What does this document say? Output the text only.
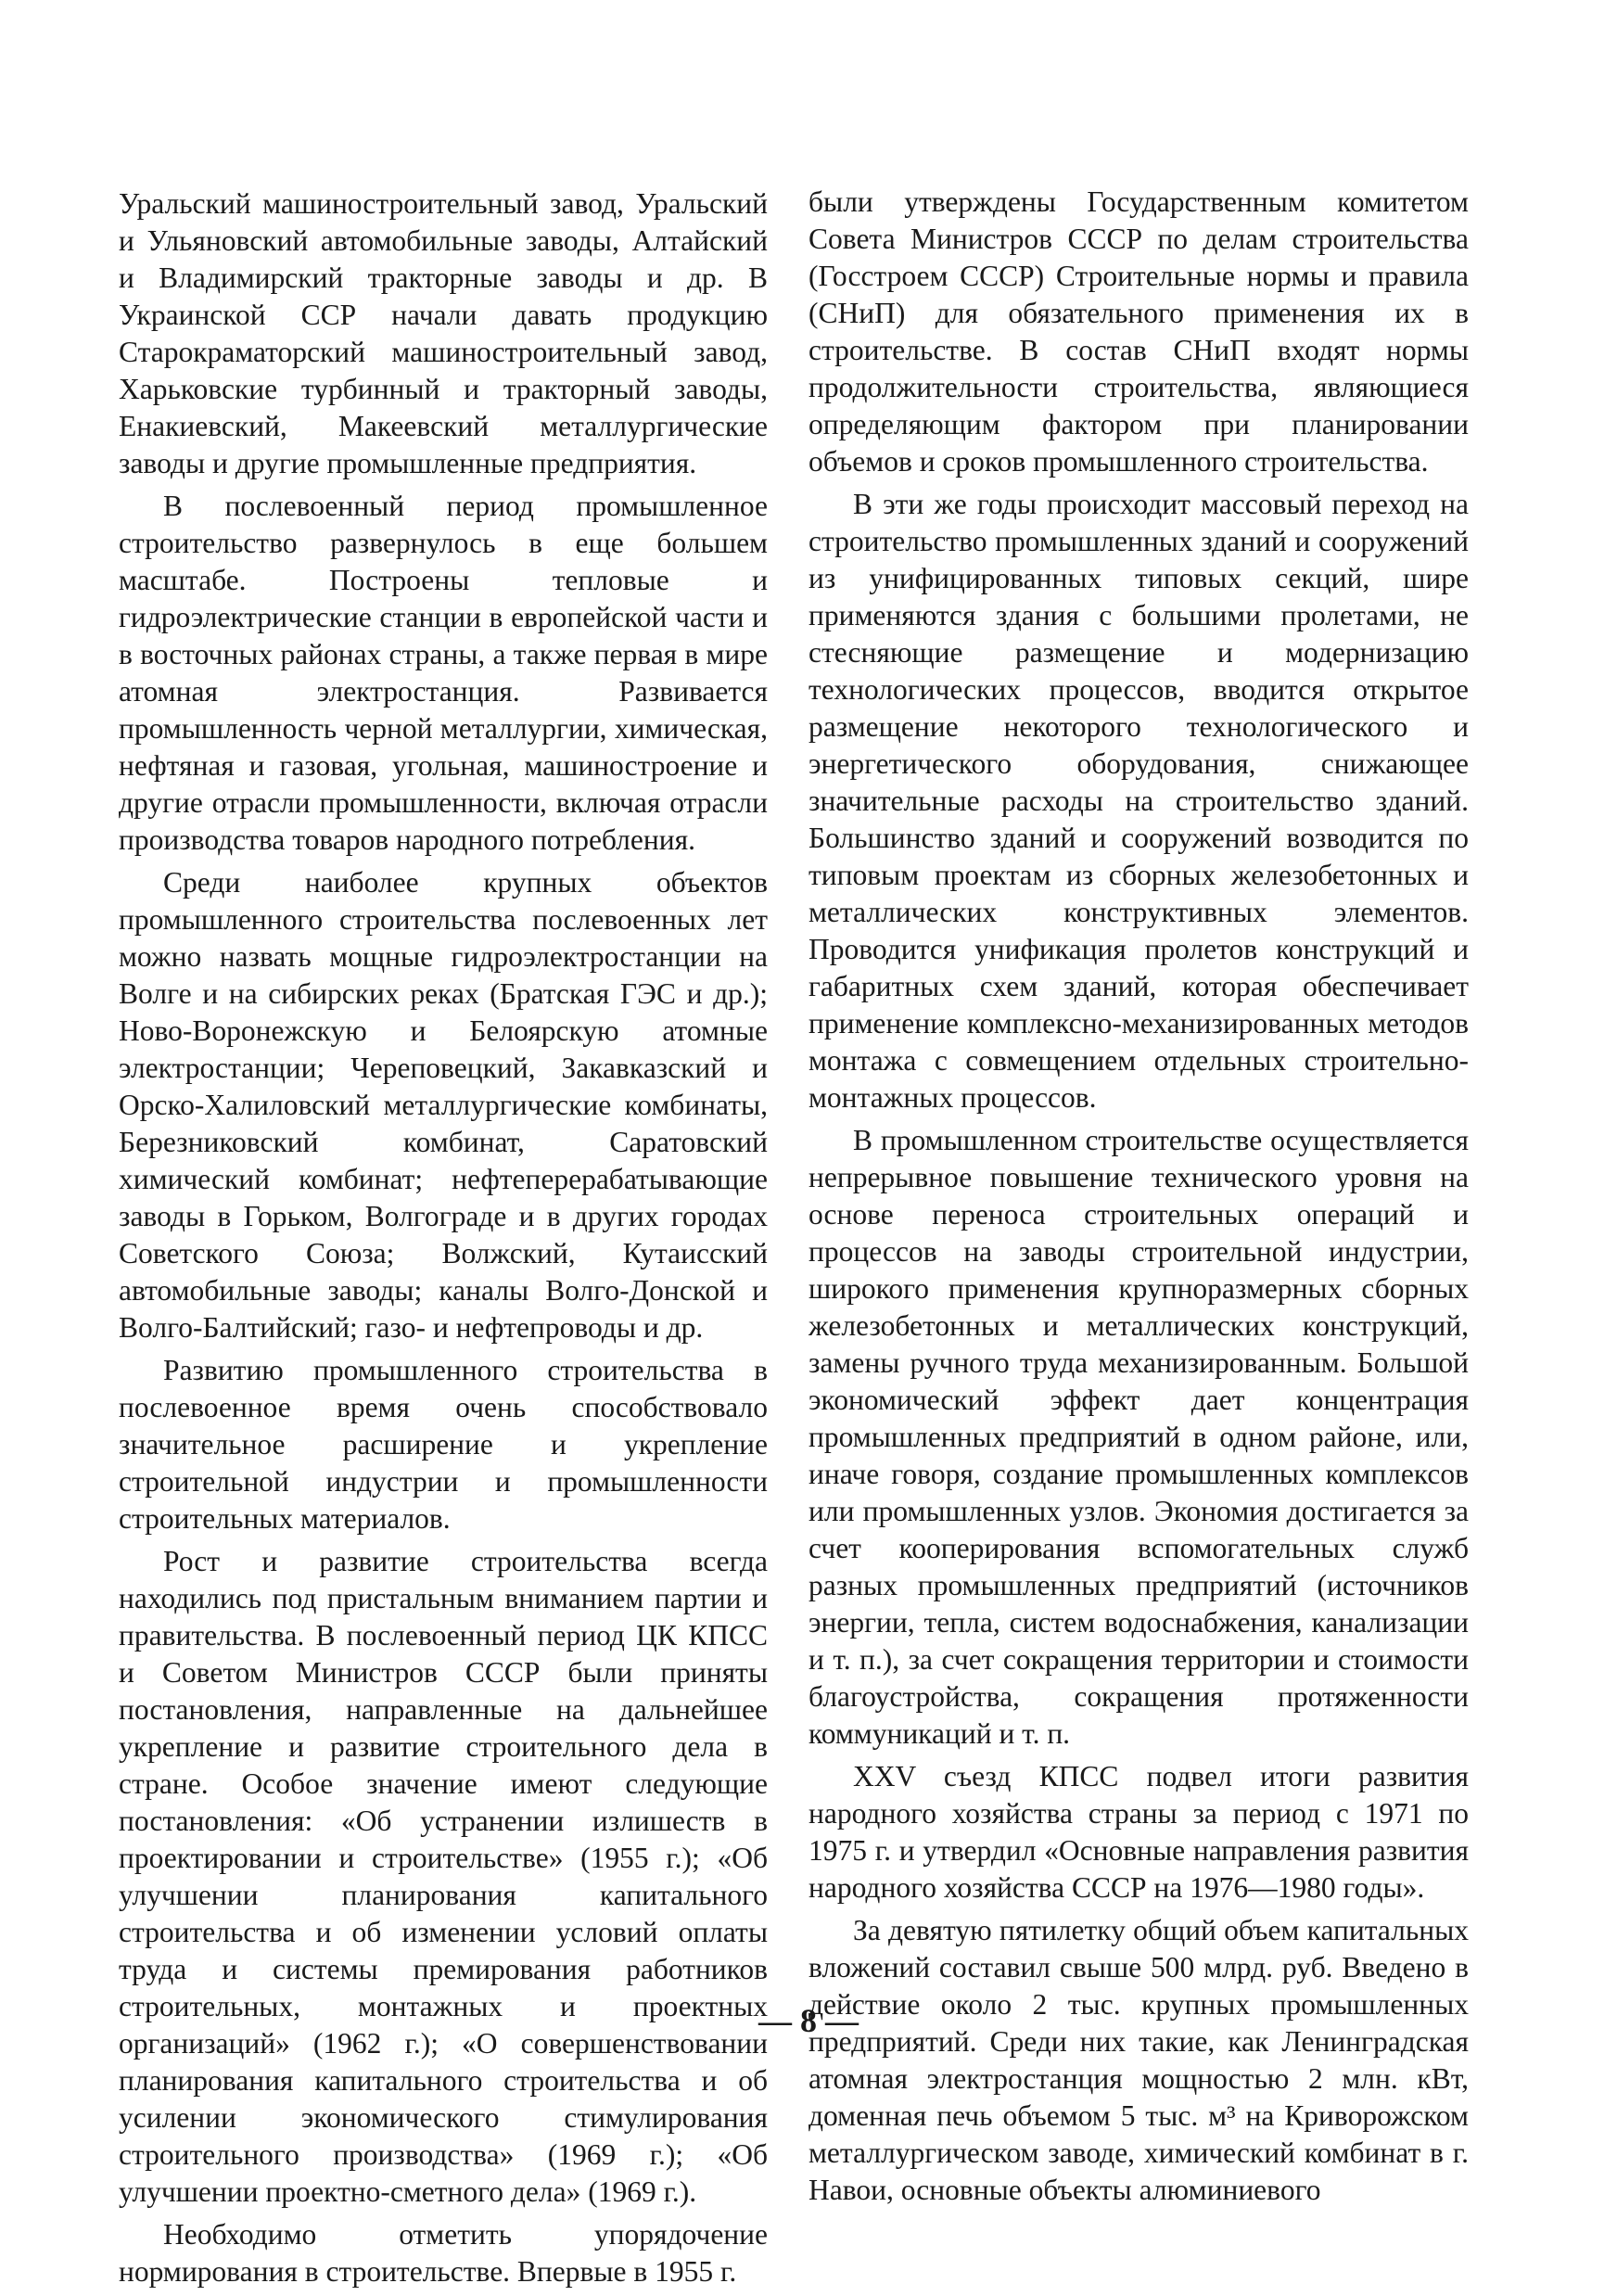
Уральский машиностроительный завод, Уральский и Ульяновский автомобильные заводы, Алтайский и Владимирский тракторные заводы и др. В Украинской ССР начали давать продукцию Старокраматорский машиностроительный завод, Харьковские турбинный и тракторный заводы, Енакиевский, Макеевский металлургические заводы и другие промышленные предприятия.

В послевоенный период промышленное строительство развернулось в еще большем масштабе. Построены тепловые и гидроэлектрические станции в европейской части и в восточных районах страны, а также первая в мире атомная электростанция. Развивается промышленность черной металлургии, химическая, нефтяная и газовая, угольная, машиностроение и другие отрасли промышленности, включая отрасли производства товаров народного потребления.

Среди наиболее крупных объектов промышленного строительства послевоенных лет можно назвать мощные гидроэлектростанции на Волге и на сибирских реках (Братская ГЭС и др.); Ново-Воронежскую и Белоярскую атомные электростанции; Череповецкий, Закавказский и Орско-Халиловский металлургические комбинаты, Березниковский комбинат, Саратовский химический комбинат; нефтеперерабатывающие заводы в Горьком, Волгограде и в других городах Советского Союза; Волжский, Кутаисский автомобильные заводы; каналы Волго-Донской и Волго-Балтийский; газо- и нефтепроводы и др.

Развитию промышленного строительства в послевоенное время очень способствовало значительное расширение и укрепление строительной индустрии и промышленности строительных материалов.

Рост и развитие строительства всегда находились под пристальным вниманием партии и правительства. В послевоенный период ЦК КПСС и Советом Министров СССР были приняты постановления, направленные на дальнейшее укрепление и развитие строительного дела в стране. Особое значение имеют следующие постановления: «Об устранении излишеств в проектировании и строительстве» (1955 г.); «Об улучшении планирования капитального строительства и об изменении условий оплаты труда и системы премирования работников строительных, монтажных и проектных организаций» (1962 г.); «О совершенствовании планирования капитального строительства и об усилении экономического стимулирования строительного производства» (1969 г.); «Об улучшении проектно-сметного дела» (1969 г.).

Необходимо отметить упорядочение нормирования в строительстве. Впервые в 1955 г.

были утверждены Государственным комитетом Совета Министров СССР по делам строительства (Госстроем СССР) Строительные нормы и правила (СНиП) для обязательного применения их в строительстве. В состав СНиП входят нормы продолжительности строительства, являющиеся определяющим фактором при планировании объемов и сроков промышленного строительства.

В эти же годы происходит массовый переход на строительство промышленных зданий и сооружений из унифицированных типовых секций, шире применяются здания с большими пролетами, не стесняющие размещение и модернизацию технологических процессов, вводится открытое размещение некоторого технологического и энергетического оборудования, снижающее значительные расходы на строительство зданий. Большинство зданий и сооружений возводится по типовым проектам из сборных железобетонных и металлических конструктивных элементов. Проводится унификация пролетов конструкций и габаритных схем зданий, которая обеспечивает применение комплексно-механизированных методов монтажа с совмещением отдельных строительно-монтажных процессов.

В промышленном строительстве осуществляется непрерывное повышение технического уровня на основе переноса строительных операций и процессов на заводы строительной индустрии, широкого применения крупноразмерных сборных железобетонных и металлических конструкций, замены ручного труда механизированным. Большой экономический эффект дает концентрация промышленных предприятий в одном районе, или, иначе говоря, создание промышленных комплексов или промышленных узлов. Экономия достигается за счет кооперирования вспомогательных служб разных промышленных предприятий (источников энергии, тепла, систем водоснабжения, канализации и т. п.), за счет сокращения территории и стоимости благоустройства, сокращения протяженности коммуникаций и т. п.

XXV съезд КПСС подвел итоги развития народного хозяйства страны за период с 1971 по 1975 г. и утвердил «Основные направления развития народного хозяйства СССР на 1976—1980 годы».

За девятую пятилетку общий объем капитальных вложений составил свыше 500 млрд. руб. Введено в действие около 2 тыс. крупных промышленных предприятий. Среди них такие, как Ленинградская атомная электростанция мощностью 2 млн. кВт, доменная печь объемом 5 тыс. м³ на Криворожском металлургическом заводе, химический комбинат в г. Навои, основные объекты алюминиевого

— 8 —
